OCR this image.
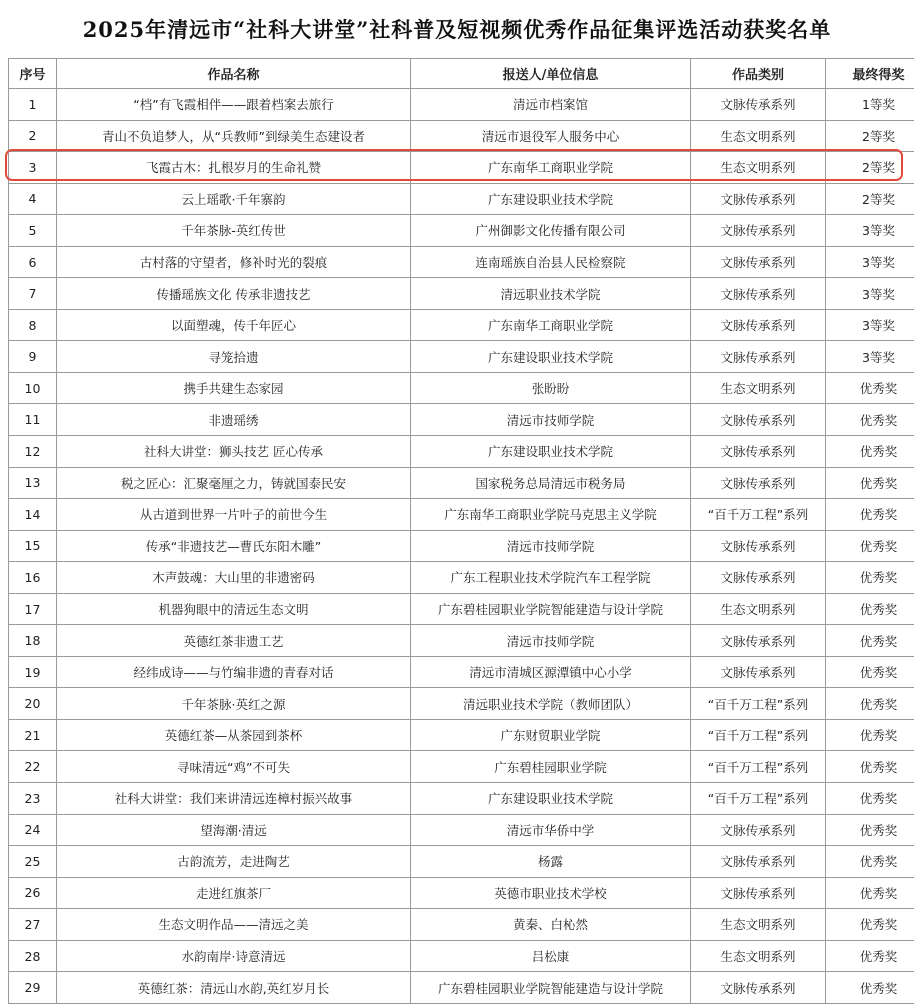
2025年清远市“社科大讲堂”社科普及短视频优秀作品征集评选活动获奖名单
序号	作品名称	报送人/单位信息	作品类别	最终得奖
1	“档”有飞霞相伴——跟着档案去旅行	清远市档案馆	文脉传承系列	1等奖
2	青山不负追梦人，从“兵教师”到绿美生态建设者	清远市退役军人服务中心	生态文明系列	2等奖
3	飞霞古木：扎根岁月的生命礼赞	广东南华工商职业学院	生态文明系列	2等奖
4	云上瑶歌·千年寨韵	广东建设职业技术学院	文脉传承系列	2等奖
5	千年茶脉-英红传世	广州御影文化传播有限公司	文脉传承系列	3等奖
6	古村落的守望者，修补时光的裂痕	连南瑶族自治县人民检察院	文脉传承系列	3等奖
7	传播瑶族文化 传承非遗技艺	清远职业技术学院	文脉传承系列	3等奖
8	以面塑魂，传千年匠心	广东南华工商职业学院	文脉传承系列	3等奖
9	寻笼拾遗	广东建设职业技术学院	文脉传承系列	3等奖
10	携手共建生态家园	张盼盼	生态文明系列	优秀奖
11	非遗瑶绣	清远市技师学院	文脉传承系列	优秀奖
12	社科大讲堂：狮头技艺 匠心传承	广东建设职业技术学院	文脉传承系列	优秀奖
13	税之匠心：汇聚毫厘之力，铸就国泰民安	国家税务总局清远市税务局	文脉传承系列	优秀奖
14	从古道到世界一片叶子的前世今生	广东南华工商职业学院马克思主义学院	“百千万工程”系列	优秀奖
15	传承“非遗技艺—曹氏东阳木雕”	清远市技师学院	文脉传承系列	优秀奖
16	木声鼓魂：大山里的非遗密码	广东工程职业技术学院汽车工程学院	文脉传承系列	优秀奖
17	机器狗眼中的清远生态文明	广东碧桂园职业学院智能建造与设计学院	生态文明系列	优秀奖
18	英德红茶非遗工艺	清远市技师学院	文脉传承系列	优秀奖
19	经纬成诗——与竹编非遗的青春对话	清远市清城区源潭镇中心小学	文脉传承系列	优秀奖
20	千年茶脉·英红之源	清远职业技术学院（教师团队）	“百千万工程”系列	优秀奖
21	英德红茶—从茶园到茶杯	广东财贸职业学院	“百千万工程”系列	优秀奖
22	寻味清远“鸡”不可失	广东碧桂园职业学院	“百千万工程”系列	优秀奖
23	社科大讲堂：我们来讲清远连樟村振兴故事	广东建设职业技术学院	“百千万工程”系列	优秀奖
24	望海潮·清远	清远市华侨中学	文脉传承系列	优秀奖
25	古韵流芳，走进陶艺	杨露	文脉传承系列	优秀奖
26	走进红旗茶厂	英德市职业技术学校	文脉传承系列	优秀奖
27	生态文明作品——清远之美	黄秦、白杺然	生态文明系列	优秀奖
28	水韵南岸·诗意清远	吕松康	生态文明系列	优秀奖
29	英德红茶：清远山水韵,英红岁月长	广东碧桂园职业学院智能建造与设计学院	文脉传承系列	优秀奖
